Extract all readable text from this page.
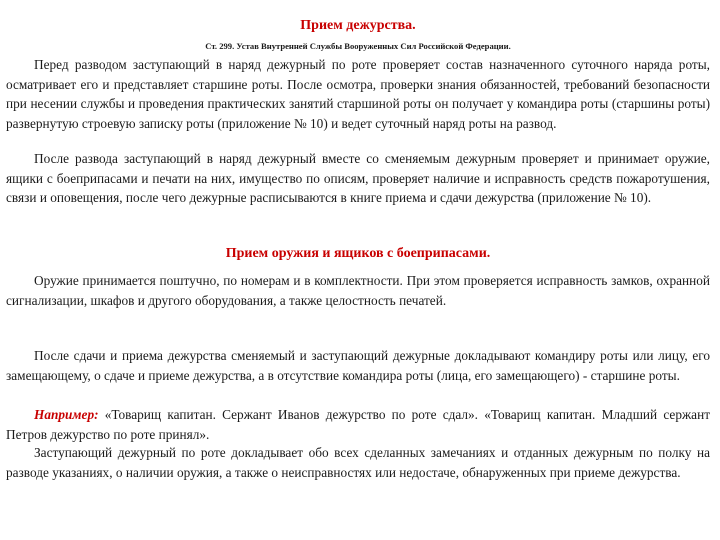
Прием дежурства.
Ст. 299. Устав Внутренней Службы Вооруженных Сил Российской Федерации.

Перед разводом заступающий в наряд дежурный по роте проверяет состав назначенного суточного наряда роты, осматривает его и представляет старшине роты. После осмотра, проверки знания обязанностей, требований безопасности при несении службы и проведения практических занятий старшиной роты он получает у командира роты (старшины роты) развернутую строевую записку роты (приложение № 10) и ведет суточный наряд роты на развод.

После развода заступающий в наряд дежурный вместе со сменяемым дежурным проверяет и принимает оружие, ящики с боеприпасами и печати на них, имущество по описям, проверяет наличие и исправность средств пожаротушения, связи и оповещения, после чего дежурные расписываются в книге приема и сдачи дежурства (приложение № 10).

Прием оружия и ящиков с боеприпасами.

Оружие принимается поштучно, по номерам и в комплектности. При этом проверяется исправность замков, охранной сигнализации, шкафов и другого оборудования, а также целостность печатей.

После сдачи и приема дежурства сменяемый и заступающий дежурные докладывают командиру роты или лицу, его замещающему, о сдаче и приеме дежурства, а в отсутствие командира роты (лица, его замещающего) - старшине роты.

Например: «Товарищ капитан. Сержант Иванов дежурство по роте сдал». «Товарищ капитан. Младший сержант Петров дежурство по роте принял».

Заступающий дежурный по роте докладывает обо всех сделанных замечаниях и отданных дежурным по полку на разводе указаниях, о наличии оружия, а также о неисправностях или недостаче, обнаруженных при приеме дежурства.
